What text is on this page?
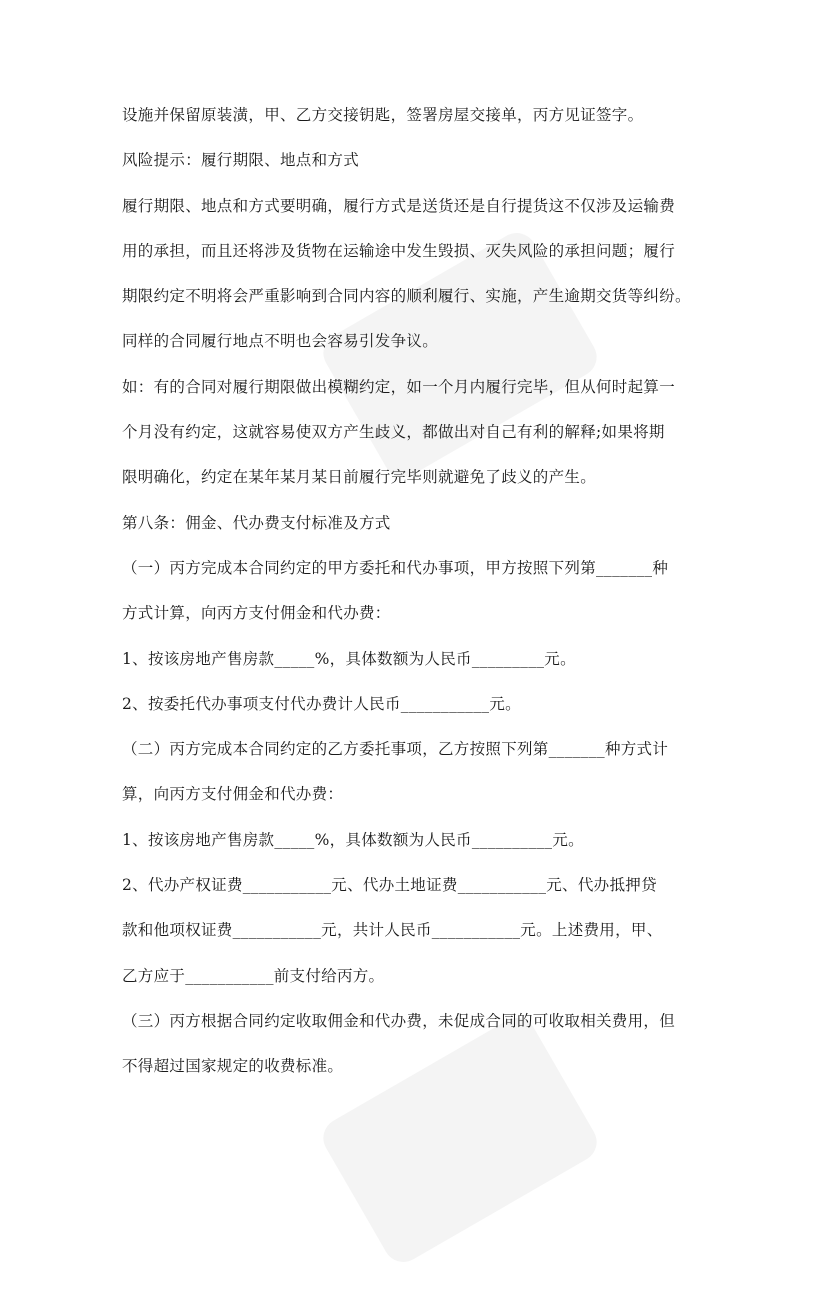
设施并保留原装潢，甲、乙方交接钥匙，签署房屋交接单，丙方见证签字。

风险提示：履行期限、地点和方式

履行期限、地点和方式要明确，履行方式是送货还是自行提货这不仅涉及运输费

用的承担，而且还将涉及货物在运输途中发生毁损、灭失风险的承担问题；履行

期限约定不明将会严重影响到合同内容的顺利履行、实施，产生逾期交货等纠纷。

同样的合同履行地点不明也会容易引发争议。

如：有的合同对履行期限做出模糊约定，如一个月内履行完毕，但从何时起算一

个月没有约定，这就容易使双方产生歧义，都做出对自己有利的解释;如果将期

限明确化，约定在某年某月某日前履行完毕则就避免了歧义的产生。

第八条：佣金、代办费支付标准及方式

（一）丙方完成本合同约定的甲方委托和代办事项，甲方按照下列第_______种

方式计算，向丙方支付佣金和代办费：

1、按该房地产售房款_____%，具体数额为人民币_________元。

2、按委托代办事项支付代办费计人民币___________元。

（二）丙方完成本合同约定的乙方委托事项，乙方按照下列第_______种方式计

算，向丙方支付佣金和代办费：

1、按该房地产售房款_____%，具体数额为人民币__________元。

2、代办产权证费___________元、代办土地证费___________元、代办抵押贷

款和他项权证费___________元，共计人民币___________元。上述费用，甲、

乙方应于___________前支付给丙方。

（三）丙方根据合同约定收取佣金和代办费，未促成合同的可收取相关费用，但

不得超过国家规定的收费标准。
